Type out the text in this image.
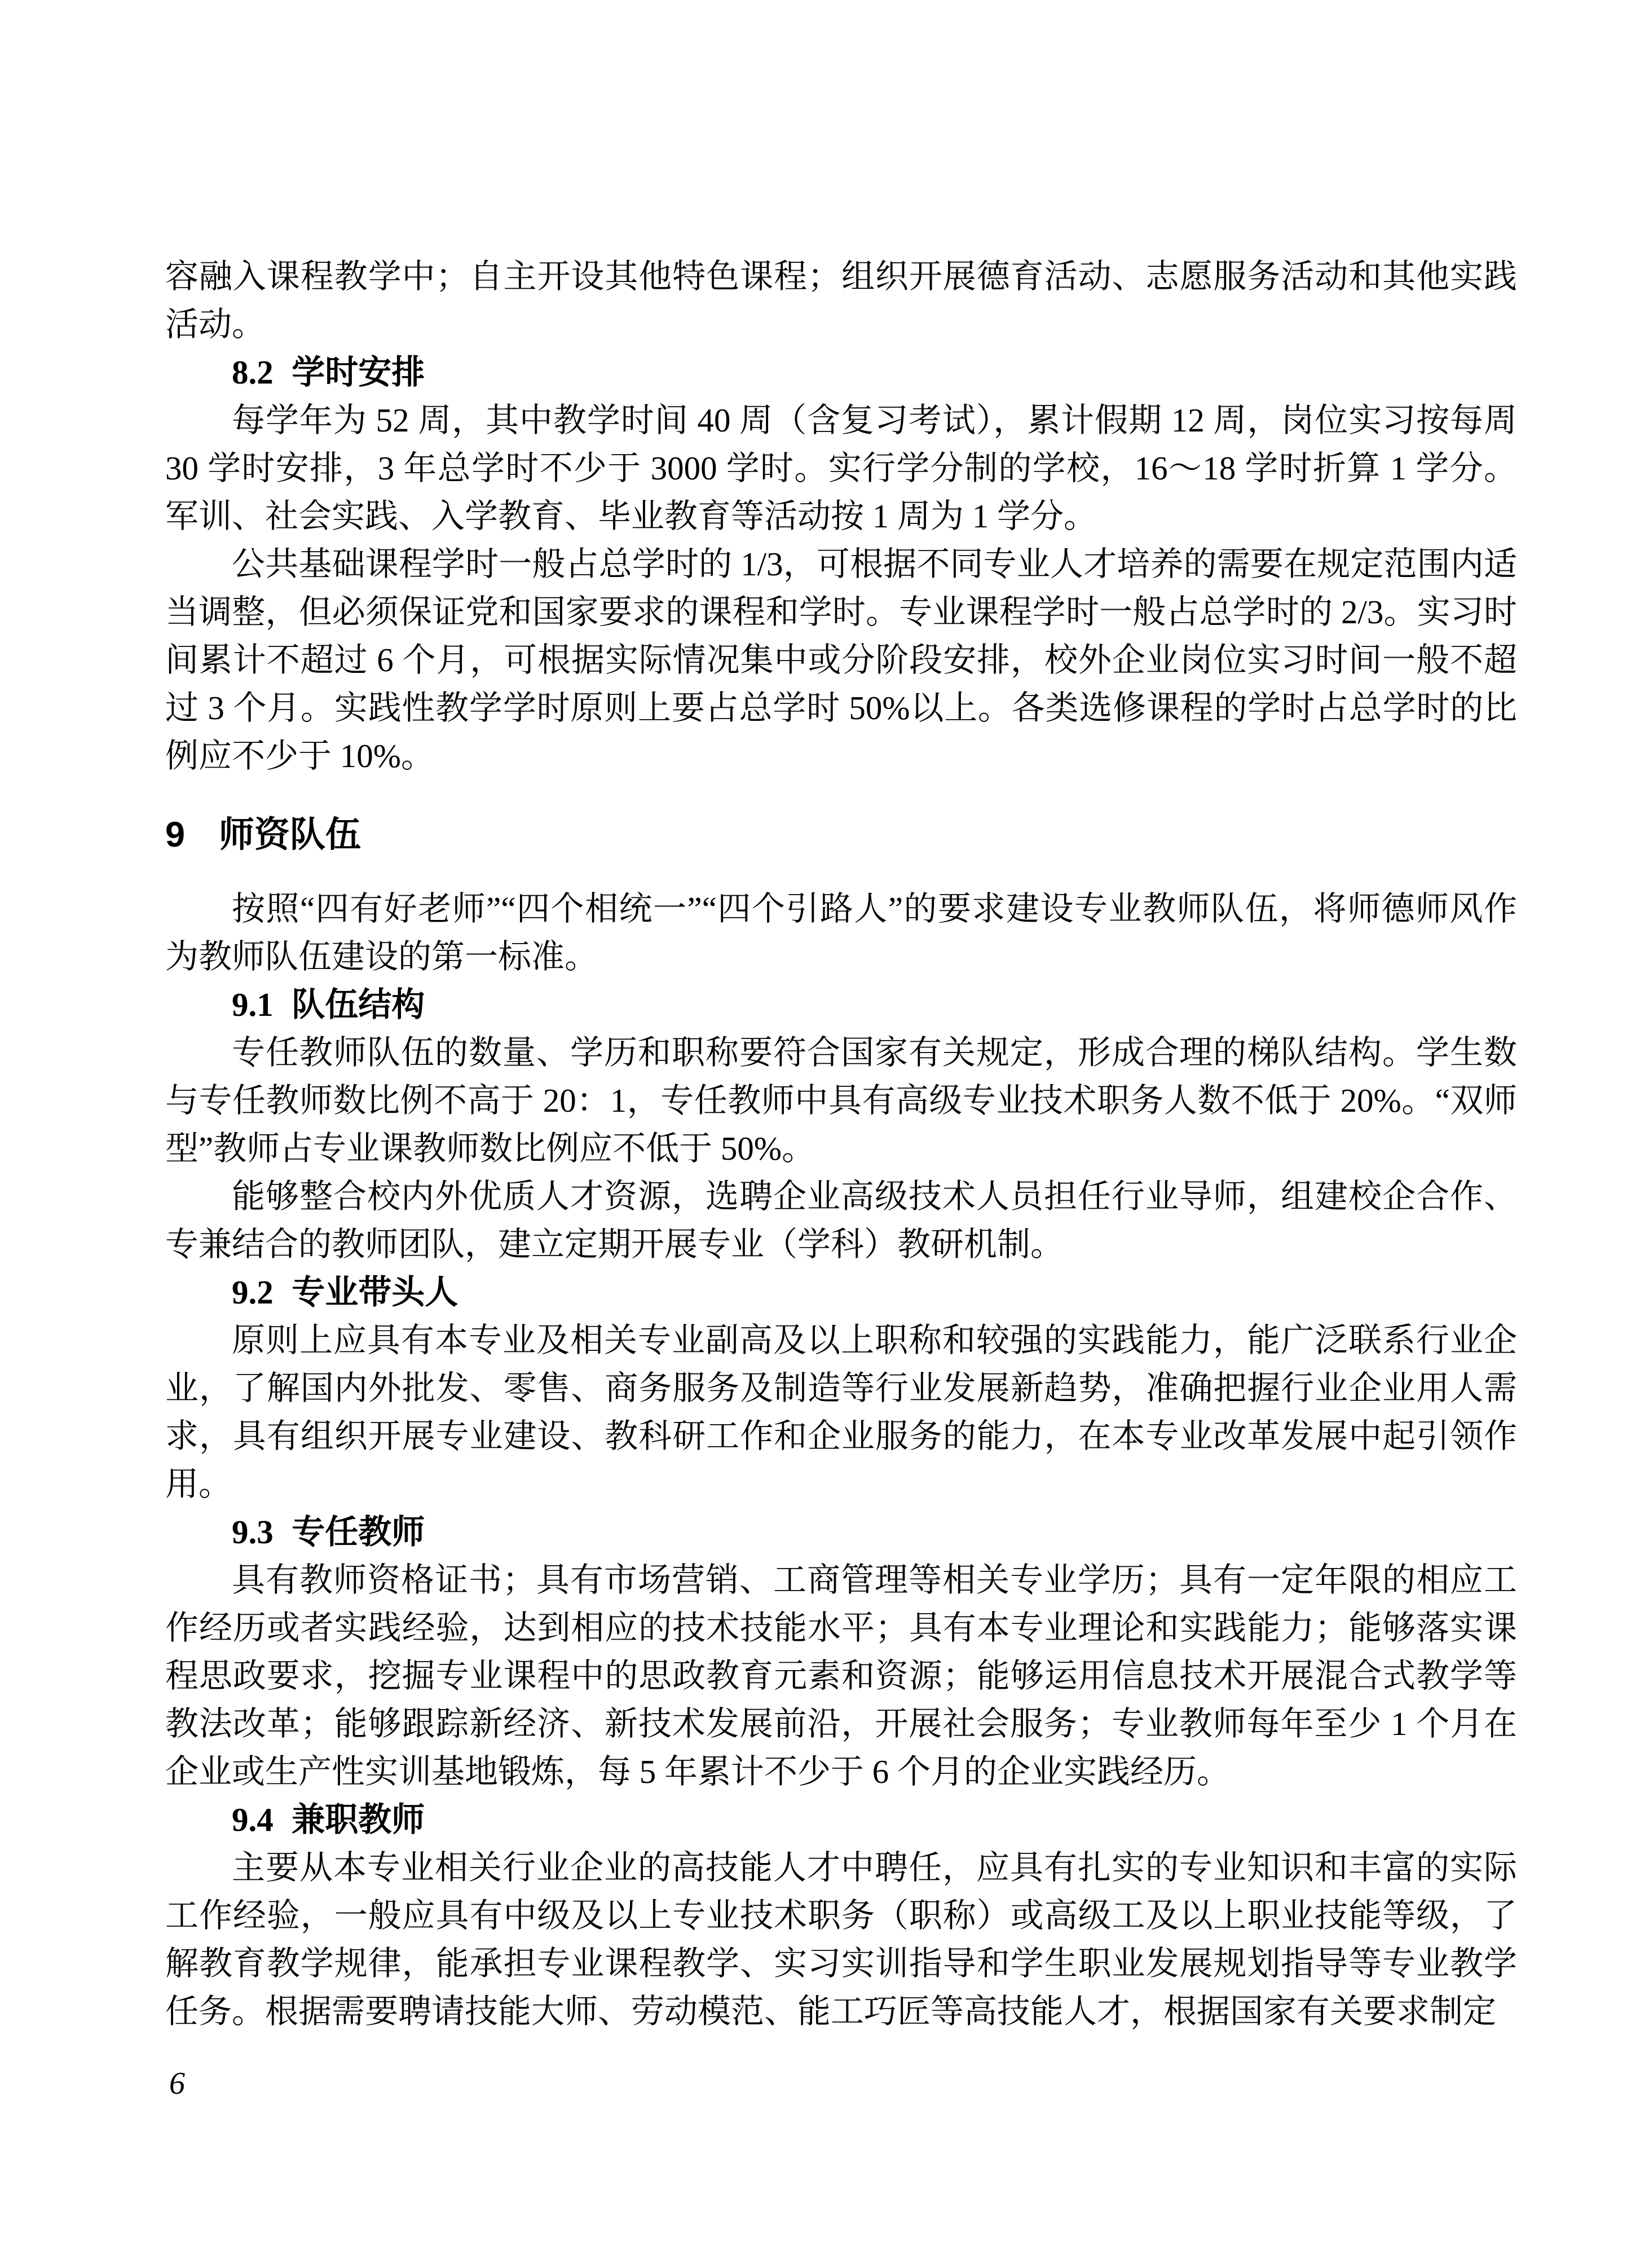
容融入课程教学中；自主开设其他特色课程；组织开展德育活动、志愿服务活动和其他实践活动。

8.2 学时安排

每学年为 52 周，其中教学时间 40 周（含复习考试），累计假期 12 周，岗位实习按每周 30 学时安排，3 年总学时不少于 3000 学时。实行学分制的学校，16～18 学时折算 1 学分。军训、社会实践、入学教育、毕业教育等活动按 1 周为 1 学分。

公共基础课程学时一般占总学时的 1/3，可根据不同专业人才培养的需要在规定范围内适当调整，但必须保证党和国家要求的课程和学时。专业课程学时一般占总学时的 2/3。实习时间累计不超过 6 个月，可根据实际情况集中或分阶段安排，校外企业岗位实习时间一般不超过 3 个月。实践性教学学时原则上要占总学时 50%以上。各类选修课程的学时占总学时的比例应不少于 10%。

9 师资队伍

按照“四有好老师”“四个相统一”“四个引路人”的要求建设专业教师队伍，将师德师风作为教师队伍建设的第一标准。

9.1 队伍结构

专任教师队伍的数量、学历和职称要符合国家有关规定，形成合理的梯队结构。学生数与专任教师数比例不高于 20：1，专任教师中具有高级专业技术职务人数不低于 20%。“双师型”教师占专业课教师数比例应不低于 50%。

能够整合校内外优质人才资源，选聘企业高级技术人员担任行业导师，组建校企合作、专兼结合的教师团队，建立定期开展专业（学科）教研机制。

9.2 专业带头人

原则上应具有本专业及相关专业副高及以上职称和较强的实践能力，能广泛联系行业企业，了解国内外批发、零售、商务服务及制造等行业发展新趋势，准确把握行业企业用人需求，具有组织开展专业建设、教科研工作和企业服务的能力，在本专业改革发展中起引领作用。

9.3 专任教师

具有教师资格证书；具有市场营销、工商管理等相关专业学历；具有一定年限的相应工作经历或者实践经验，达到相应的技术技能水平；具有本专业理论和实践能力；能够落实课程思政要求，挖掘专业课程中的思政教育元素和资源；能够运用信息技术开展混合式教学等教法改革；能够跟踪新经济、新技术发展前沿，开展社会服务；专业教师每年至少 1 个月在企业或生产性实训基地锻炼，每 5 年累计不少于 6 个月的企业实践经历。

9.4 兼职教师

主要从本专业相关行业企业的高技能人才中聘任，应具有扎实的专业知识和丰富的实际工作经验，一般应具有中级及以上专业技术职务（职称）或高级工及以上职业技能等级，了解教育教学规律，能承担专业课程教学、实习实训指导和学生职业发展规划指导等专业教学任务。根据需要聘请技能大师、劳动模范、能工巧匠等高技能人才，根据国家有关要求制定

6
